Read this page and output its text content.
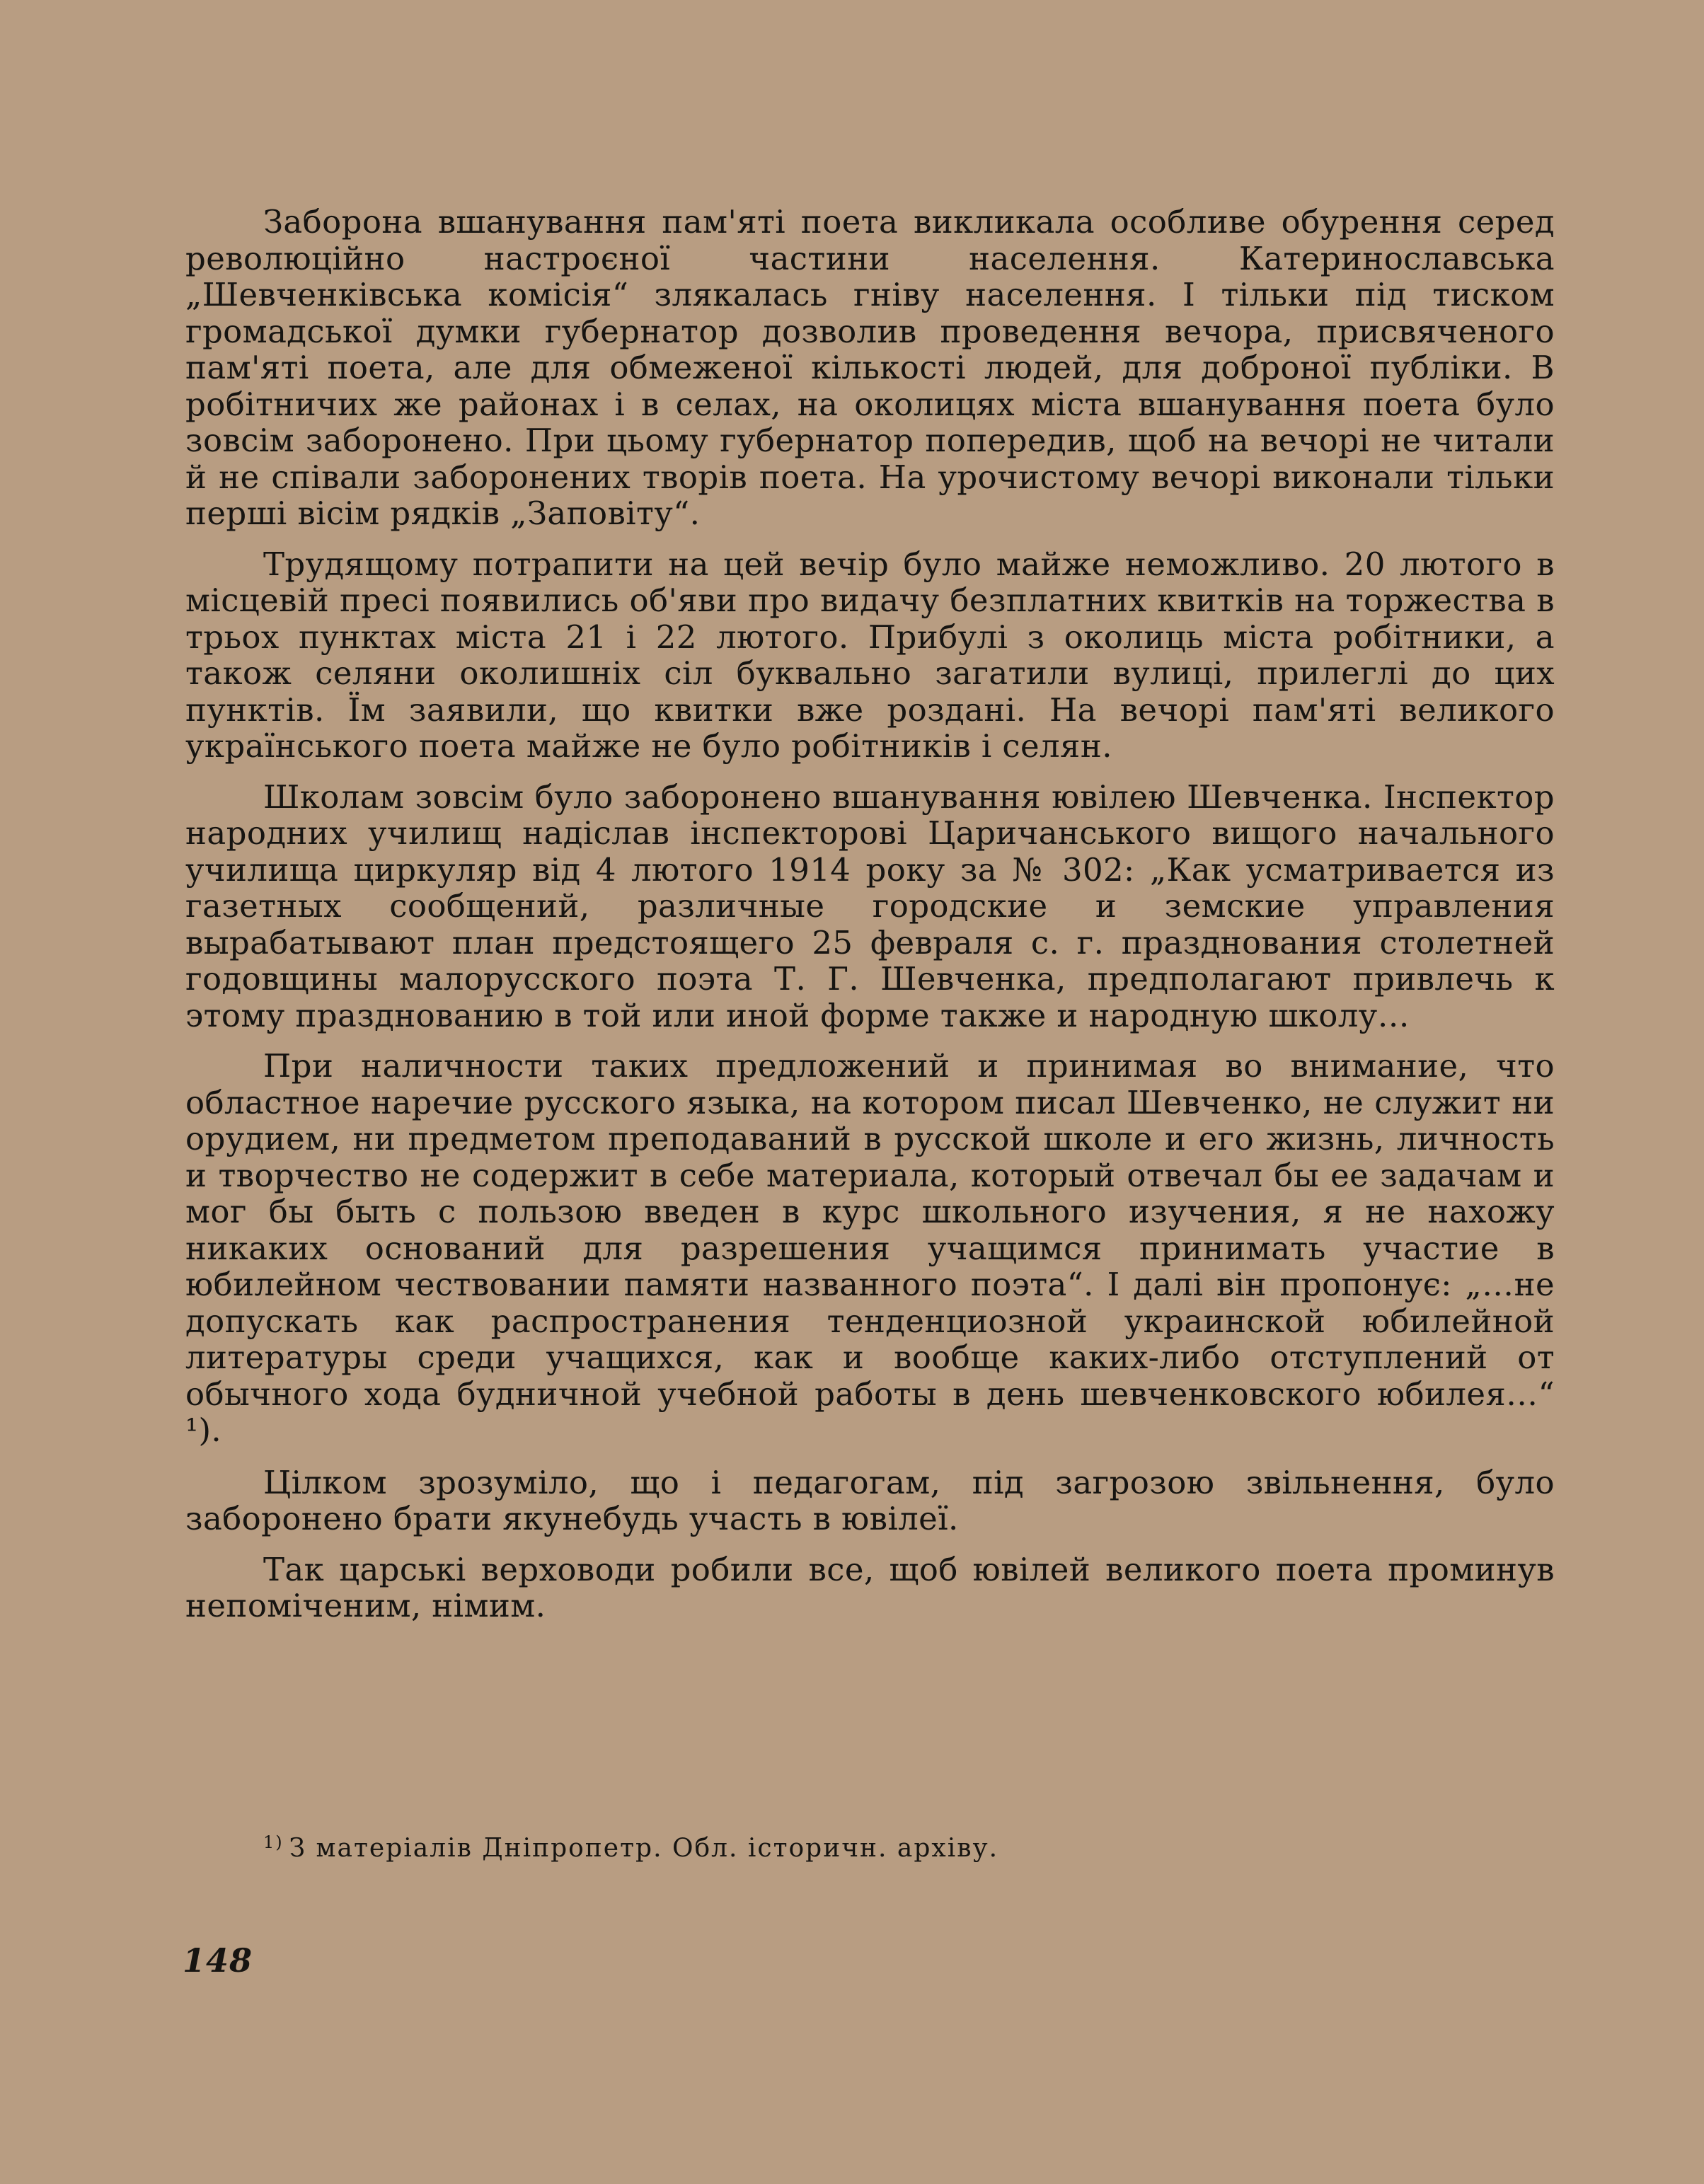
Заборона вшанування пам'яті поета викликала особливе обурення серед революційно настроєної частини населення. Катеринославська „Шевченківська комісія“ злякалась гніву населення. І тільки під тиском громадської думки губернатор дозволив проведення вечора, присвяченого пам'яті поета, але для обмеженої кількості людей, для доброної публіки. В робітничих же районах і в селах, на околицях міста вшанування поета було зовсім заборонено. При цьому губернатор попередив, щоб на вечорі не читали й не співали заборонених творів поета. На урочистому вечорі виконали тільки перші вісім рядків „Заповіту“.

Трудящому потрапити на цей вечір було майже неможливо. 20 лютого в місцевій пресі появились об'яви про видачу безплатних квитків на торжества в трьох пунктах міста 21 і 22 лютого. Прибулі з околиць міста робітники, а також селяни околишніх сіл буквально загатили вулиці, прилеглі до цих пунктів. Їм заявили, що квитки вже роздані. На вечорі пам'яті великого українського поета майже не було робітників і селян.

Школам зовсім було заборонено вшанування ювілею Шевченка. Інспектор народних училищ надіслав інспекторові Царичанського вищого начального училища циркуляр від 4 лютого 1914 року за № 302: „Как усматривается из газетных сообщений, различные городские и земские управления вырабатывают план предстоящего 25 февраля с. г. празднования столетней годовщины малорусского поэта Т. Г. Шевченка, предполагают привлечь к этому празднованию в той или иной форме также и народную школу…

При наличности таких предложений и принимая во внимание, что областное наречие русского языка, на котором писал Шевченко, не служит ни орудием, ни предметом преподаваний в русской школе и его жизнь, личность и творчество не содержит в себе материала, который отвечал бы ее задачам и мог бы быть с пользою введен в курс школьного изучения, я не нахожу никаких оснований для разрешения учащимся принимать участие в юбилейном чествовании памяти названного поэта“. І далі він пропонує: „…не допускать как распространения тенденциозной украинской юбилейной литературы среди учащихся, как и вообще каких-либо отступлений от обычного хода будничной учебной работы в день шевченковского юбилея…“ ¹).

Цілком зрозуміло, що і педагогам, під загрозою звільнення, було заборонено брати якунебудь участь в ювілеї.

Так царські верховоди робили все, щоб ювілей великого поета проминув непоміченим, німим.

$^{1)}$ З матеріалів Дніпропетр. Обл. історичн. архіву.
148
